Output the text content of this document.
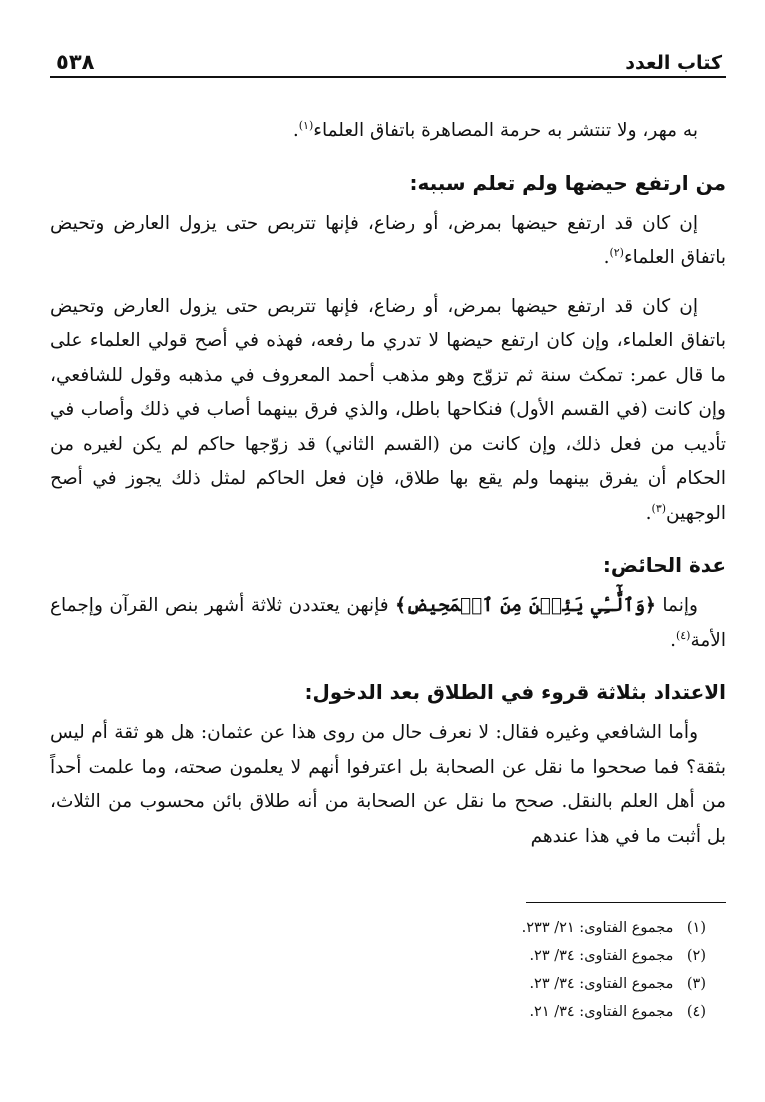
كتاب العدد
٥٣٨

به مهر، ولا تنتشر به حرمة المصاهرة باتفاق العلماء$^{(١)}$.

من ارتفع حيضها ولم تعلم سببه:

إن كان قد ارتفع حيضها بمرض، أو رضاع، فإنها تتربص حتى يزول العارض وتحيض باتفاق العلماء$^{(٢)}$.

إن كان قد ارتفع حيضها بمرض، أو رضاع، فإنها تتربص حتى يزول العارض وتحيض باتفاق العلماء، وإن كان ارتفع حيضها لا تدري ما رفعه، فهذه في أصح قولي العلماء على ما قال عمر: تمكث سنة ثم تزوّج وهو مذهب أحمد المعروف في مذهبه وقول للشافعي، وإن كانت (في القسم الأول) فنكاحها باطل، والذي فرق بينهما أصاب في ذلك وأصاب في تأديب من فعل ذلك، وإن كانت من (القسم الثاني) قد زوّجها حاكم لم يكن لغيره من الحكام أن يفرق بينهما ولم يقع بها طلاق، فإن فعل الحاكم لمثل ذلك يجوز في أصح الوجهين$^{(٣)}$.

عدة الحائض:

وإنما ﴿وَٱلَّٰٓـِٔي يَئِسۡنَ مِنَ ٱلۡمَحِيضِ﴾ فإنهن يعتددن ثلاثة أشهر بنص القرآن وإجماع الأمة$^{(٤)}$.

الاعتداد بثلاثة قروء في الطلاق بعد الدخول:

وأما الشافعي وغيره فقال: لا نعرف حال من روى هذا عن عثمان: هل هو ثقة أم ليس بثقة؟ فما صححوا ما نقل عن الصحابة بل اعترفوا أنهم لا يعلمون صحته، وما علمت أحداً من أهل العلم بالنقل. صحح ما نقل عن الصحابة من أنه طلاق بائن محسوب من الثلاث، بل أثبت ما في هذا عندهم

(١) مجموع الفتاوى: ٢١/ ٢٣٣.
(٢) مجموع الفتاوى: ٣٤/ ٢٣.
(٣) مجموع الفتاوى: ٣٤/ ٢٣.
(٤) مجموع الفتاوى: ٣٤/ ٢١.
